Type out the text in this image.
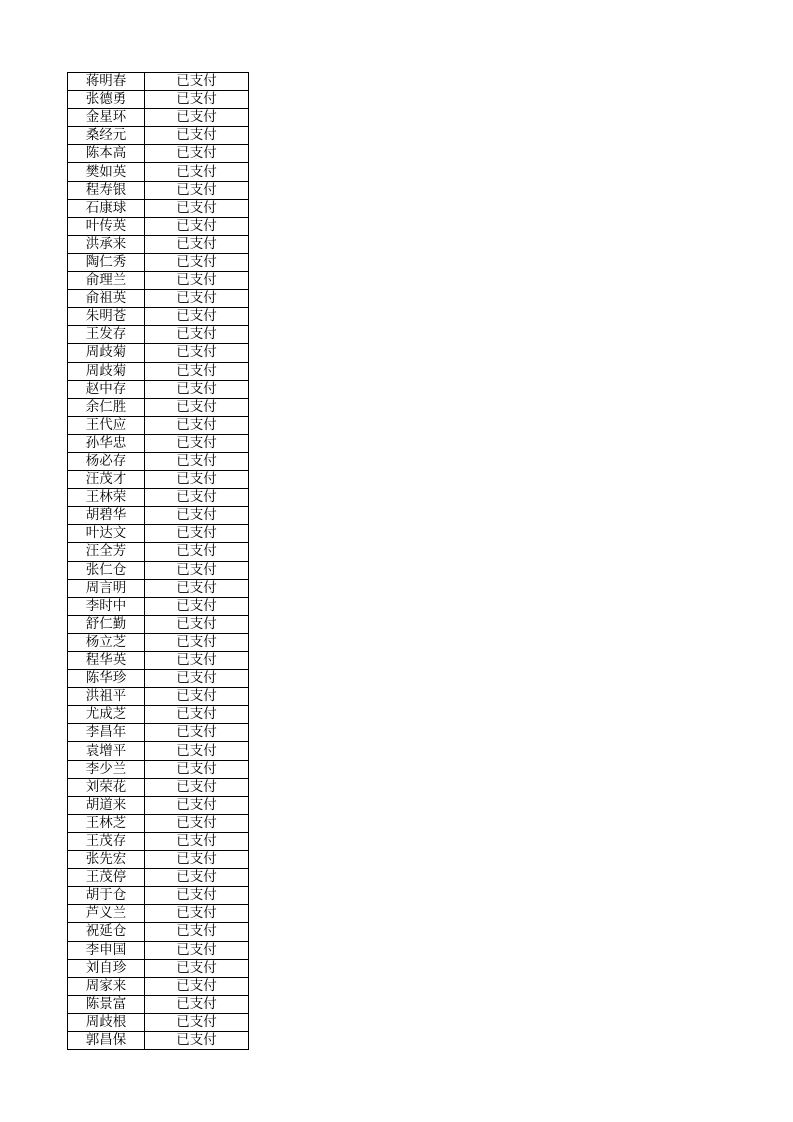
蒋明春	已支付
张德勇	已支付
金星环	已支付
桑经元	已支付
陈本高	已支付
樊如英	已支付
程寿银	已支付
石康球	已支付
叶传英	已支付
洪承来	已支付
陶仁秀	已支付
俞理兰	已支付
俞祖英	已支付
朱明苍	已支付
王发存	已支付
周歧菊	已支付
周歧菊	已支付
赵中存	已支付
余仁胜	已支付
王代应	已支付
孙华忠	已支付
杨必存	已支付
汪茂才	已支付
王林荣	已支付
胡碧华	已支付
叶达文	已支付
汪全芳	已支付
张仁仓	已支付
周言明	已支付
李时中	已支付
舒仁勤	已支付
杨立芝	已支付
程华英	已支付
陈华珍	已支付
洪祖平	已支付
尤成芝	已支付
李昌年	已支付
袁增平	已支付
李少兰	已支付
刘荣花	已支付
胡道来	已支付
王林芝	已支付
王茂存	已支付
张先宏	已支付
王茂停	已支付
胡于仓	已支付
芦义兰	已支付
祝延仓	已支付
李申国	已支付
刘自珍	已支付
周家来	已支付
陈景富	已支付
周歧根	已支付
郭昌保	已支付
